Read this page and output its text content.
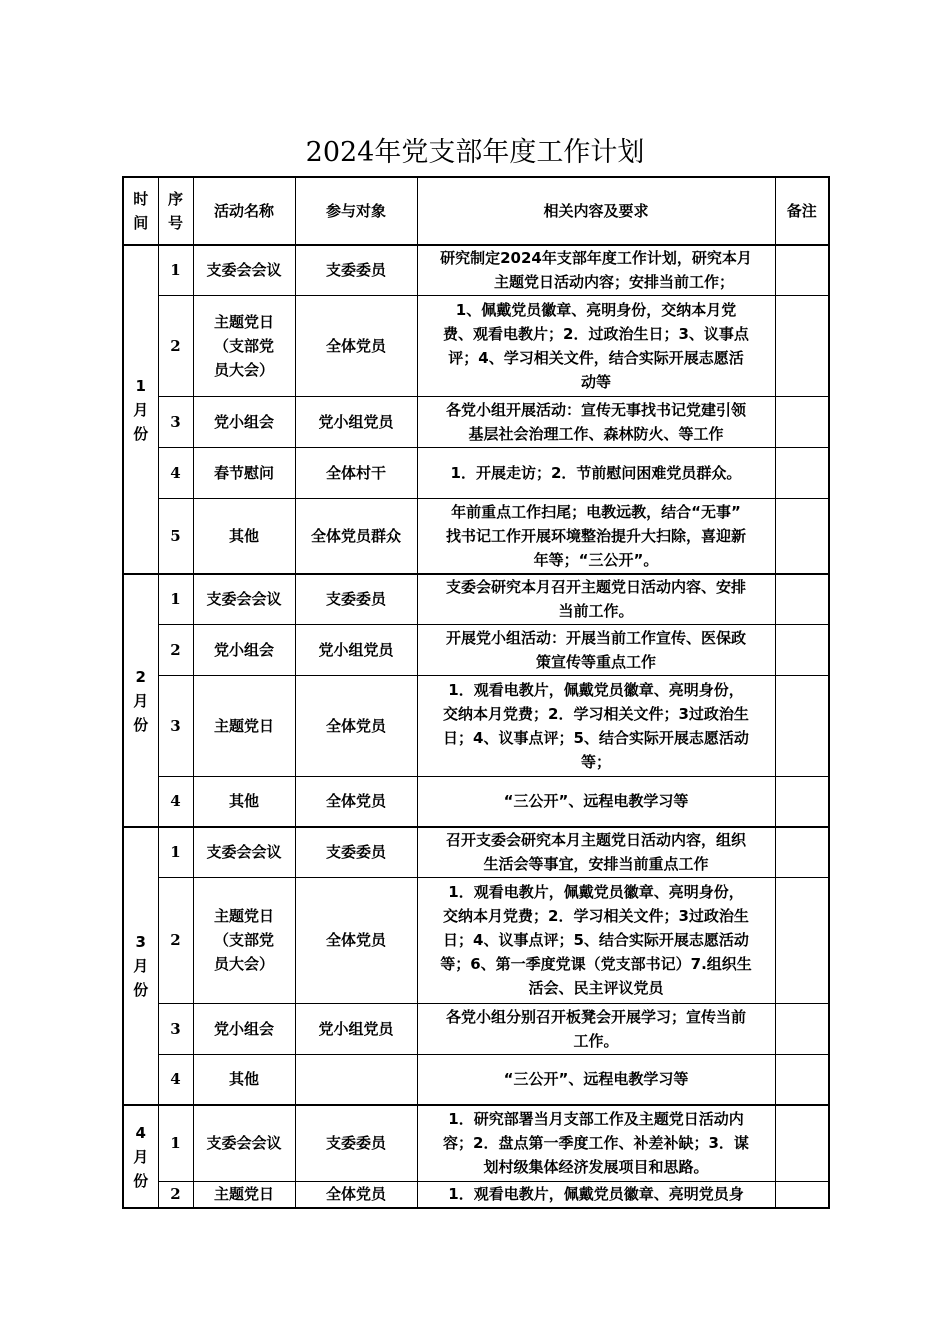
2024年党支部年度工作计划
时
间	序
号	活动名称	参与对象	相关内容及要求	备注

1
月
份	1	支委会会议	支委委员	研究制定2024年支部年度工作计划，研究本月
主题党日活动内容；安排当前工作；	

	2	主题党日（支部党员大会）	全体党员	1、佩戴党员徽章、亮明身份，交纳本月党
费、观看电教片；2．过政治生日；3、议事点
评；4、学习相关文件，结合实际开展志愿活
动等	

	3	党小组会	党小组党员	各党小组开展活动：宣传无事找书记党建引领
基层社会治理工作、森林防火、等工作	

	4	春节慰问	全体村干	1．开展走访；2．节前慰问困难党员群众。	

	5	其他	全体党员群众	年前重点工作扫尾；电教远教，结合“无事”
找书记工作开展环境整治提升大扫除，喜迎新
年等；“三公开”。	

2
月
份	1	支委会会议	支委委员	支委会研究本月召开主题党日活动内容、安排
当前工作。	

	2	党小组会	党小组党员	开展党小组活动：开展当前工作宣传、医保政
策宣传等重点工作	

	3	主题党日	全体党员	1．观看电教片，佩戴党员徽章、亮明身份，
交纳本月党费；2．学习相关文件；3过政治生
日；4、议事点评；5、结合实际开展志愿活动
等；	

	4	其他	全体党员	“三公开”、远程电教学习等	

3
月
份	1	支委会会议	支委委员	召开支委会研究本月主题党日活动内容，组织
生活会等事宜，安排当前重点工作	

	2	主题党日（支部党员大会）	全体党员	1．观看电教片，佩戴党员徽章、亮明身份，
交纳本月党费；2．学习相关文件；3过政治生
日；4、议事点评；5、结合实际开展志愿活动
等；6、第一季度党课（党支部书记）7.组织生
活会、民主评议党员	

	3	党小组会	党小组党员	各党小组分别召开板凳会开展学习；宣传当前
工作。	

	4	其他		“三公开”、远程电教学习等	

4
月
份	1	支委会会议	支委委员	1．研究部署当月支部工作及主题党日活动内
容；2．盘点第一季度工作、补差补缺；3．谋
划村级集体经济发展项目和思路。	

	2	主题党日	全体党员	1．观看电教片，佩戴党员徽章、亮明党员身	
